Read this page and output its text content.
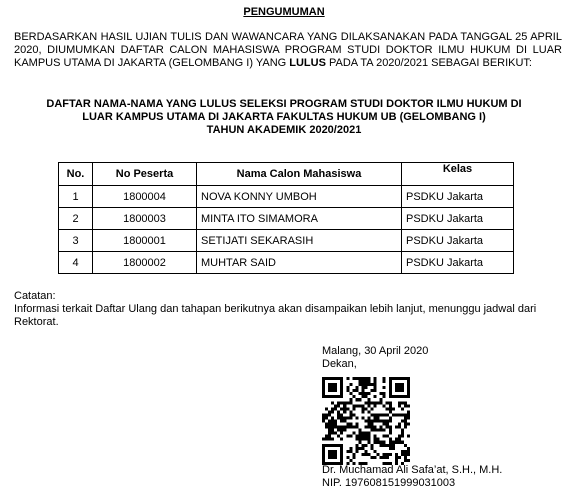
PENGUMUMAN
BERDASARKAN HASIL UJIAN TULIS DAN WAWANCARA YANG DILAKSANAKAN PADA TANGGAL 25 APRIL 2020, DIUMUMKAN DAFTAR CALON MAHASISWA PROGRAM STUDI DOKTOR ILMU HUKUM DI LUAR KAMPUS UTAMA DI JAKARTA (GELOMBANG I) YANG LULUS PADA TA 2020/2021 SEBAGAI BERIKUT:
DAFTAR NAMA-NAMA YANG LULUS SELEKSI PROGRAM STUDI DOKTOR ILMU HUKUM DI
LUAR KAMPUS UTAMA DI JAKARTA FAKULTAS HUKUM UB (GELOMBANG I)
TAHUN AKADEMIK 2020/2021
No.	No Peserta	Nama Calon Mahasiswa	Kelas
1	1800004	NOVA KONNY UMBOH	PSDKU Jakarta
2	1800003	MINTA ITO SIMAMORA	PSDKU Jakarta
3	1800001	SETIJATI SEKARASIH	PSDKU Jakarta
4	1800002	MUHTAR SAID	PSDKU Jakarta
Catatan:
Informasi terkait Daftar Ulang dan tahapan berikutnya akan disampaikan lebih lanjut, menunggu jadwal dari Rektorat.
Malang, 30 April 2020
Dekan,
Dr. Muchamad Ali Safa’at, S.H., M.H.
NIP. 197608151999031003
